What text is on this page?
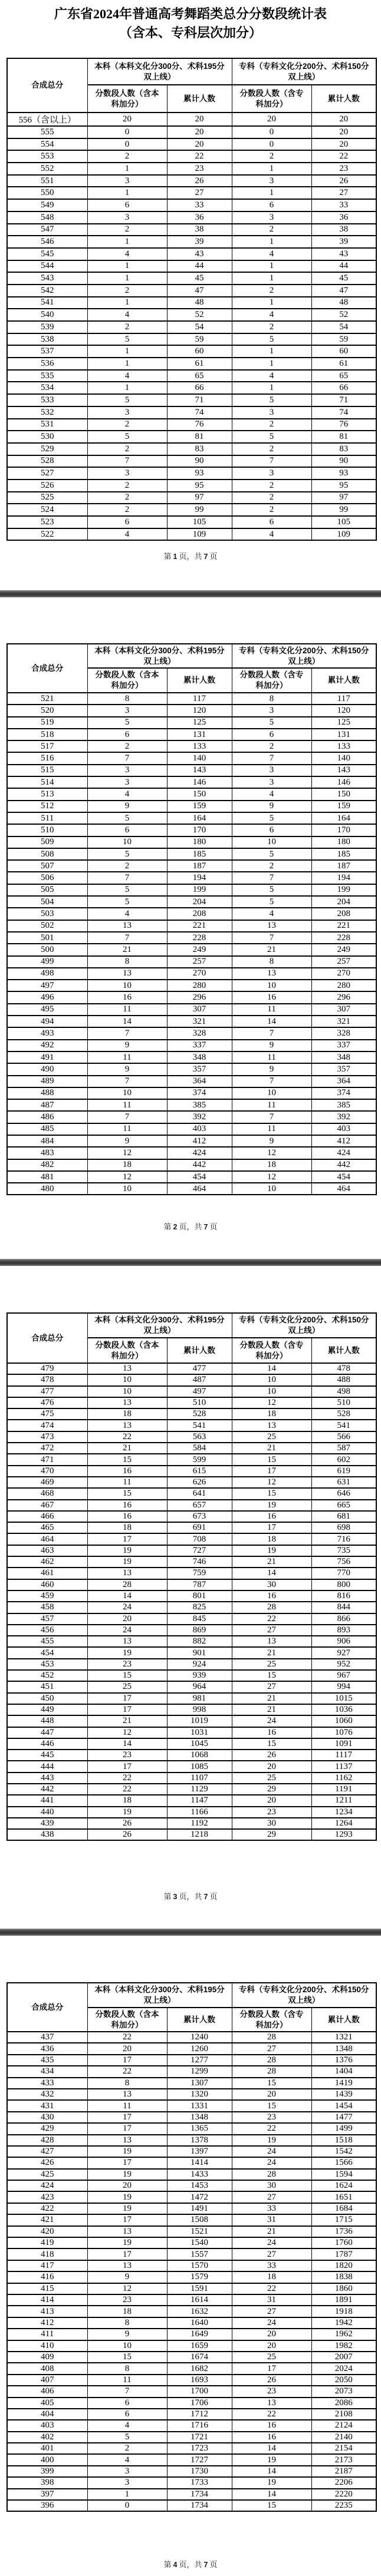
广东省2024年普通高考舞蹈类总分分数段统计表
（含本、专科层次加分）
合成总分	本科（本科文化分300分、术科195分双上线）		专科（专科文化分200分、术科150分双上线）	
	分数段人数（含本科加分）	累计人数	分数段人数（含专科加分）	累计人数
556（含以上）	20	20	20	20
555	0	20	0	20
554	0	20	0	20
553	2	22	2	22
552	1	23	1	23
551	3	26	3	26
550	1	27	1	27
549	6	33	6	33
548	3	36	3	36
547	2	38	2	38
546	1	39	1	39
545	4	43	4	43
544	1	44	1	44
543	1	45	1	45
542	2	47	2	47
541	1	48	1	48
540	4	52	4	52
539	2	54	2	54
538	5	59	5	59
537	1	60	1	60
536	1	61	1	61
535	4	65	4	65
534	1	66	1	66
533	5	71	5	71
532	3	74	3	74
531	2	76	2	76
530	5	81	5	81
529	2	83	2	83
528	7	90	7	90
527	3	93	3	93
526	2	95	2	95
525	2	97	2	97
524	2	99	2	99
523	6	105	6	105
522	4	109	4	109
第 1 页，共 7 页
合成总分	本科（本科文化分300分、术科195分双上线）		专科（专科文化分200分、术科150分双上线）	
	分数段人数（含本科加分）	累计人数	分数段人数（含专科加分）	累计人数
521	8	117	8	117
520	3	120	3	120
519	5	125	5	125
518	6	131	6	131
517	2	133	2	133
516	7	140	7	140
515	3	143	3	143
514	3	146	3	146
513	4	150	4	150
512	9	159	9	159
511	5	164	5	164
510	6	170	6	170
509	10	180	10	180
508	5	185	5	185
507	2	187	2	187
506	7	194	7	194
505	5	199	5	199
504	5	204	5	204
503	4	208	4	208
502	13	221	13	221
501	7	228	7	228
500	21	249	21	249
499	8	257	8	257
498	13	270	13	270
497	10	280	10	280
496	16	296	16	296
495	11	307	11	307
494	14	321	14	321
493	7	328	7	328
492	9	337	9	337
491	11	348	11	348
490	9	357	9	357
489	7	364	7	364
488	10	374	10	374
487	11	385	11	385
486	7	392	7	392
485	11	403	11	403
484	9	412	9	412
483	12	424	12	424
482	18	442	18	442
481	12	454	12	454
480	10	464	10	464
第 2 页，共 7 页
合成总分	本科（本科文化分300分、术科195分双上线）		专科（专科文化分200分、术科150分双上线）	
	分数段人数（含本科加分）	累计人数	分数段人数（含专科加分）	累计人数
479	13	477	14	478
478	10	487	10	488
477	10	497	10	498
476	13	510	12	510
475	18	528	18	528
474	13	541	13	541
473	22	563	25	566
472	21	584	21	587
471	15	599	15	602
470	16	615	17	619
469	11	626	12	631
468	15	641	15	646
467	16	657	19	665
466	16	673	16	681
465	18	691	17	698
464	17	708	18	716
463	19	727	19	735
462	19	746	21	756
461	13	759	14	770
460	28	787	30	800
459	14	801	16	816
458	24	825	28	844
457	20	845	22	866
456	24	869	27	893
455	13	882	13	906
454	19	901	21	927
453	23	924	25	952
452	15	939	15	967
451	25	964	27	994
450	17	981	21	1015
449	17	998	21	1036
448	21	1019	24	1060
447	12	1031	16	1076
446	14	1045	15	1091
445	23	1068	26	1117
444	17	1085	20	1137
443	22	1107	25	1162
442	22	1129	29	1191
441	18	1147	20	1211
440	19	1166	23	1234
439	26	1192	30	1264
438	26	1218	29	1293
第 3 页，共 7 页
合成总分	本科（本科文化分300分、术科195分双上线）		专科（专科文化分200分、术科150分双上线）	
	分数段人数（含本科加分）	累计人数	分数段人数（含专科加分）	累计人数
437	22	1240	28	1321
436	20	1260	27	1348
435	17	1277	28	1376
434	22	1299	28	1404
433	8	1307	15	1419
432	13	1320	20	1439
431	11	1331	15	1454
430	17	1348	23	1477
429	17	1365	22	1499
428	13	1378	19	1518
427	19	1397	24	1542
426	17	1414	24	1566
425	19	1433	28	1594
424	20	1453	30	1624
423	19	1472	27	1651
422	19	1491	33	1684
421	17	1508	31	1715
420	13	1521	21	1736
419	19	1540	24	1760
418	17	1557	27	1787
417	13	1570	33	1820
416	9	1579	18	1838
415	12	1591	22	1860
414	23	1614	31	1891
413	18	1632	27	1918
412	8	1640	24	1942
411	9	1649	20	1962
410	10	1659	20	1982
409	15	1674	25	2007
408	8	1682	17	2024
407	11	1693	26	2050
406	7	1700	23	2073
405	6	1706	13	2086
404	6	1712	22	2108
403	4	1716	16	2124
402	5	1721	16	2140
401	2	1723	14	2154
400	4	1727	19	2173
399	3	1730	14	2187
398	3	1733	19	2206
397	1	1734	14	2220
396	0	1734	15	2235
第 4 页，共 7 页
